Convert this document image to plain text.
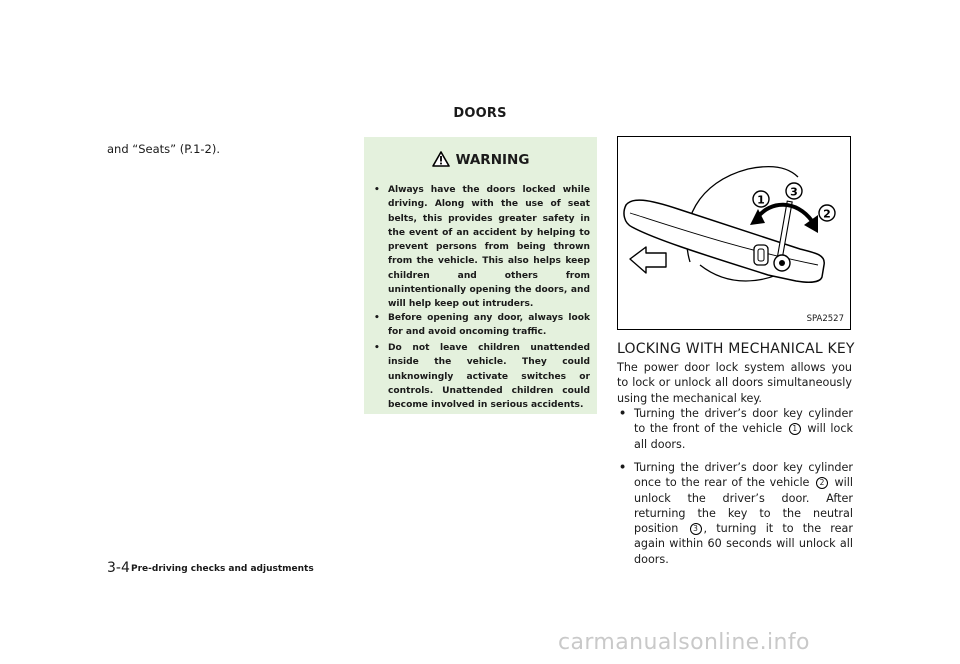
DOORS
and “Seats” (P.1-2).
WARNING
• Always have the doors locked while driving. Along with the use of seat belts, this provides greater safety in the event of an accident by helping to prevent persons from being thrown from the vehicle. This also helps keep children and others from unintentionally opening the doors, and will help keep out intruders.
• Before opening any door, always look for and avoid oncoming traffic.
• Do not leave children unattended inside the vehicle. They could unknowingly activate switches or controls. Unattended children could become involved in serious accidents.
1
3
2
SPA2527
LOCKING WITH MECHANICAL KEY
The power door lock system allows you to lock or unlock all doors simultaneously using the mechanical key.
• Turning the driver’s door key cylinder to the front of the vehicle 1 will lock all doors.
• Turning the driver’s door key cylinder once to the rear of the vehicle 2 will unlock the driver’s door. After returning the key to the neutral position 3 , turning it to the rear again within 60 seconds will unlock all doors.
3-4 Pre-driving checks and adjustments
carmanualsonline.info
